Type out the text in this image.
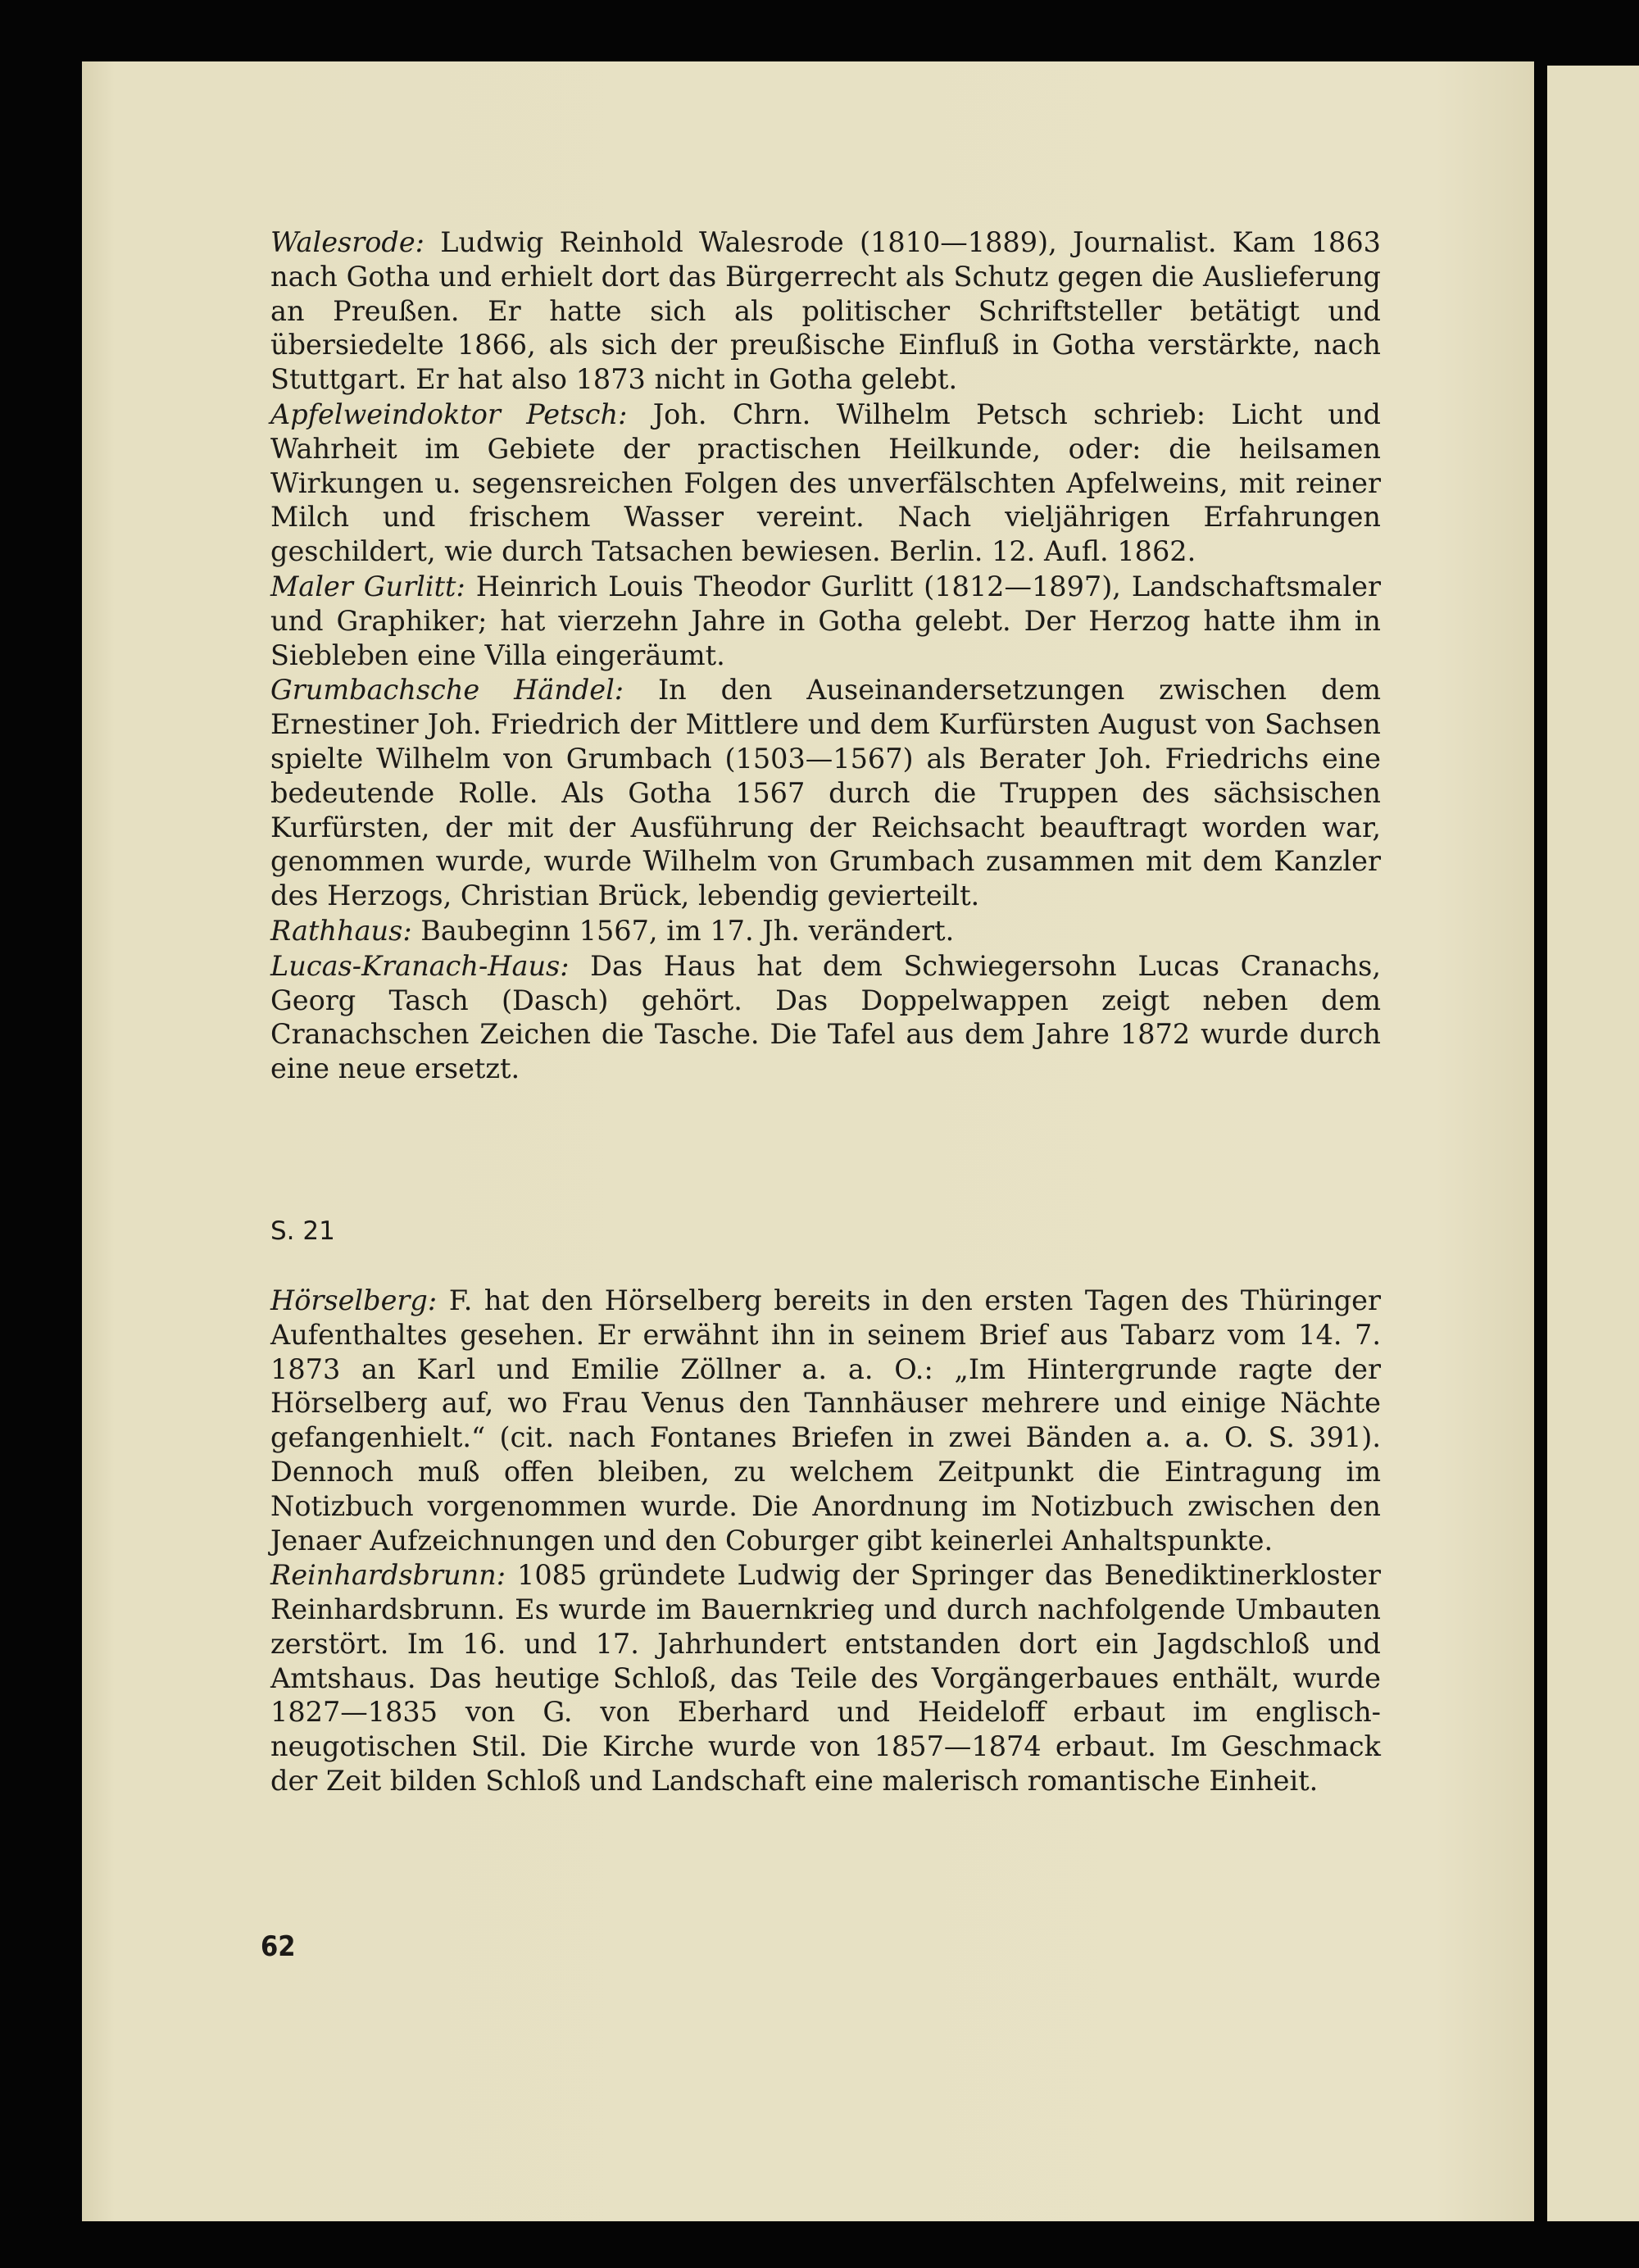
Walesrode: Ludwig Reinhold Walesrode (1810—1889), Journalist. Kam 1863 nach Gotha und erhielt dort das Bürgerrecht als Schutz gegen die Auslieferung an Preußen. Er hatte sich als politischer Schriftsteller betätigt und übersiedelte 1866, als sich der preußische Einfluß in Gotha verstärkte, nach Stuttgart. Er hat also 1873 nicht in Gotha gelebt.

Apfelweindoktor Petsch: Joh. Chrn. Wilhelm Petsch schrieb: Licht und Wahrheit im Gebiete der practischen Heilkunde, oder: die heilsamen Wirkungen u. segensreichen Folgen des unverfälschten Apfelweins, mit reiner Milch und frischem Wasser vereint. Nach vieljährigen Erfahrungen geschildert, wie durch Tatsachen bewiesen. Berlin. 12. Aufl. 1862.

Maler Gurlitt: Heinrich Louis Theodor Gurlitt (1812—1897), Landschaftsmaler und Graphiker; hat vierzehn Jahre in Gotha gelebt. Der Herzog hatte ihm in Siebleben eine Villa eingeräumt.

Grumbachsche Händel: In den Auseinandersetzungen zwischen dem Ernestiner Joh. Friedrich der Mittlere und dem Kurfürsten August von Sachsen spielte Wilhelm von Grumbach (1503—1567) als Berater Joh. Friedrichs eine bedeutende Rolle. Als Gotha 1567 durch die Truppen des sächsischen Kurfürsten, der mit der Ausführung der Reichsacht beauftragt worden war, genommen wurde, wurde Wilhelm von Grumbach zusammen mit dem Kanzler des Herzogs, Christian Brück, lebendig gevierteilt.

Rathhaus: Baubeginn 1567, im 17. Jh. verändert.

Lucas-Kranach-Haus: Das Haus hat dem Schwiegersohn Lucas Cranachs, Georg Tasch (Dasch) gehört. Das Doppelwappen zeigt neben dem Cranachschen Zeichen die Tasche. Die Tafel aus dem Jahre 1872 wurde durch eine neue ersetzt.

S. 21

Hörselberg: F. hat den Hörselberg bereits in den ersten Tagen des Thüringer Aufenthaltes gesehen. Er erwähnt ihn in seinem Brief aus Tabarz vom 14. 7. 1873 an Karl und Emilie Zöllner a. a. O.: „Im Hintergrunde ragte der Hörselberg auf, wo Frau Venus den Tannhäuser mehrere und einige Nächte gefangenhielt.“ (cit. nach Fontanes Briefen in zwei Bänden a. a. O. S. 391). Dennoch muß offen bleiben, zu welchem Zeitpunkt die Eintragung im Notizbuch vorgenommen wurde. Die Anordnung im Notizbuch zwischen den Jenaer Aufzeichnungen und den Coburger gibt keinerlei Anhaltspunkte.

Reinhardsbrunn: 1085 gründete Ludwig der Springer das Benediktinerkloster Reinhardsbrunn. Es wurde im Bauernkrieg und durch nachfolgende Umbauten zerstört. Im 16. und 17. Jahrhundert entstanden dort ein Jagdschloß und Amtshaus. Das heutige Schloß, das Teile des Vorgängerbaues enthält, wurde 1827—1835 von G. von Eberhard und Heideloff erbaut im englisch-neugotischen Stil. Die Kirche wurde von 1857—1874 erbaut. Im Geschmack der Zeit bilden Schloß und Landschaft eine malerisch romantische Einheit.

62
